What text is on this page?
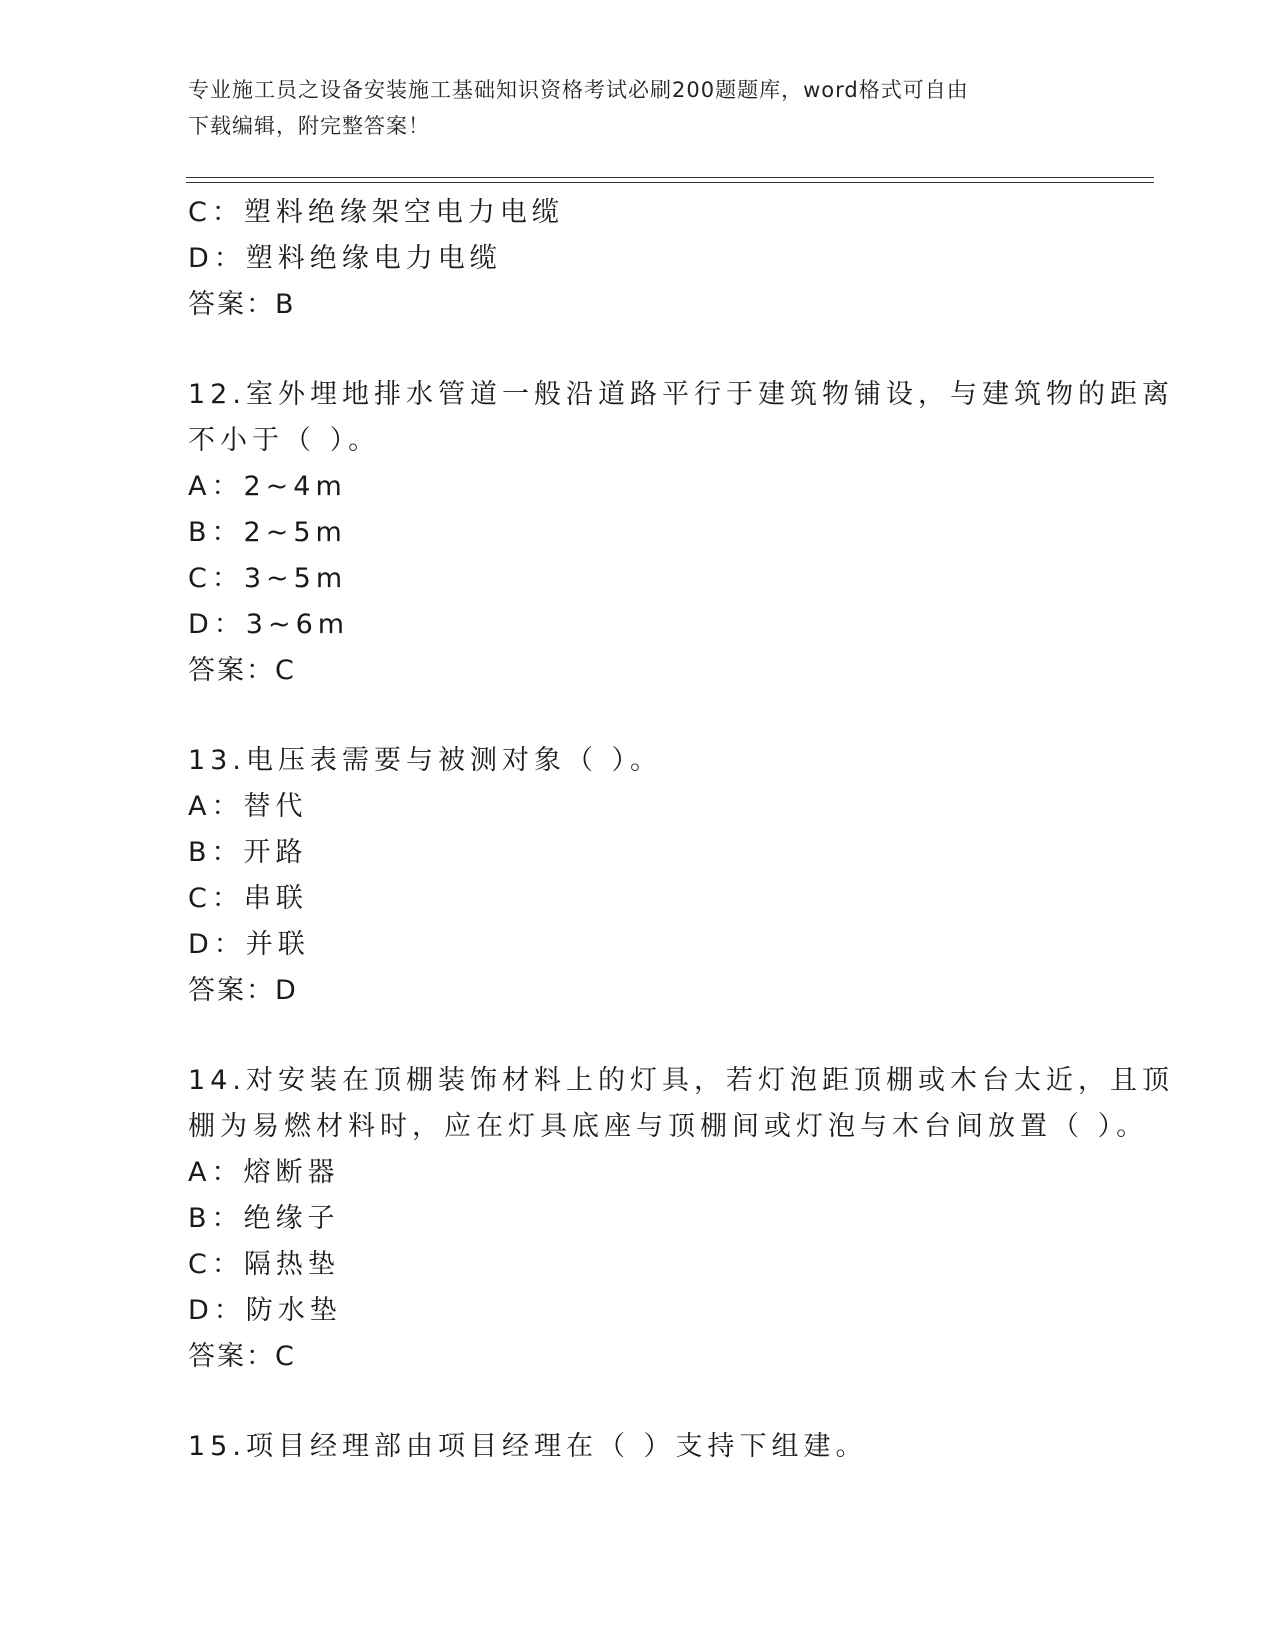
专业施工员之设备安装施工基础知识资格考试必刷200题题库，word格式可自由
下载编辑，附完整答案！
C：塑料绝缘架空电力电缆
D：塑料绝缘电力电缆
答案：B
12.室外埋地排水管道一般沿道路平行于建筑物铺设，与建筑物的距离
不小于（ ）。
A：2~4m
B：2~5m
C：3~5m
D：3~6m
答案：C
13.电压表需要与被测对象（ ）。
A：替代
B：开路
C：串联
D：并联
答案：D
14.对安装在顶棚装饰材料上的灯具，若灯泡距顶棚或木台太近，且顶
棚为易燃材料时，应在灯具底座与顶棚间或灯泡与木台间放置（ ）。
A：熔断器
B：绝缘子
C：隔热垫
D：防水垫
答案：C
15.项目经理部由项目经理在（ ）支持下组建。
